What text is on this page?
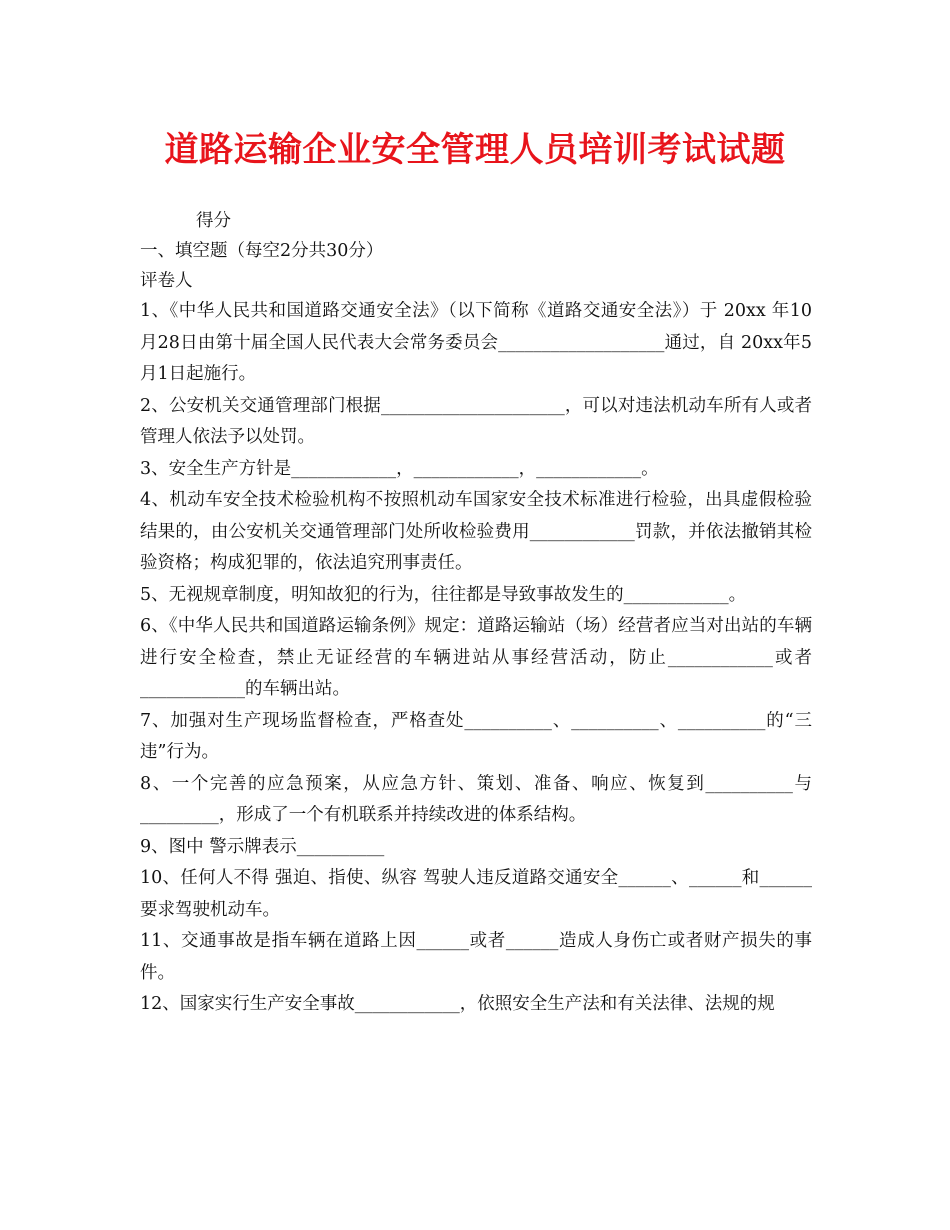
道路运输企业安全管理人员培训考试试题
得分
一、填空题（每空2分共30分）
评卷人

1、《中华人民共和国道路交通安全法》（以下简称《道路交通安全法》）于 20xx 年10月28日由第十届全国人民代表大会常务委员会___________________通过，自 20xx年5月1日起施行。

2、公安机关交通管理部门根据_____________________，可以对违法机动车所有人或者管理人依法予以处罚。

3、安全生产方针是____________，____________，____________。

4、机动车安全技术检验机构不按照机动车国家安全技术标准进行检验，出具虚假检验结果的，由公安机关交通管理部门处所收检验费用____________罚款，并依法撤销其检验资格；构成犯罪的，依法追究刑事责任。

5、无视规章制度，明知故犯的行为，往往都是导致事故发生的____________。

6、《中华人民共和国道路运输条例》规定：道路运输站（场）经营者应当对出站的车辆进行安全检查，禁止无证经营的车辆进站从事经营活动，防止____________或者____________的车辆出站。

7、加强对生产现场监督检查，严格查处__________、__________、__________的“三违”行为。

8、一个完善的应急预案，从应急方针、策划、准备、响应、恢复到__________与_________，形成了一个有机联系并持续改进的体系结构。

9、图中 警示牌表示__________

10、任何人不得 强迫、指使、纵容 驾驶人违反道路交通安全______、______和______要求驾驶机动车。

11、交通事故是指车辆在道路上因______或者______造成人身伤亡或者财产损失的事件。

12、国家实行生产安全事故____________，依照安全生产法和有关法律、法规的规
